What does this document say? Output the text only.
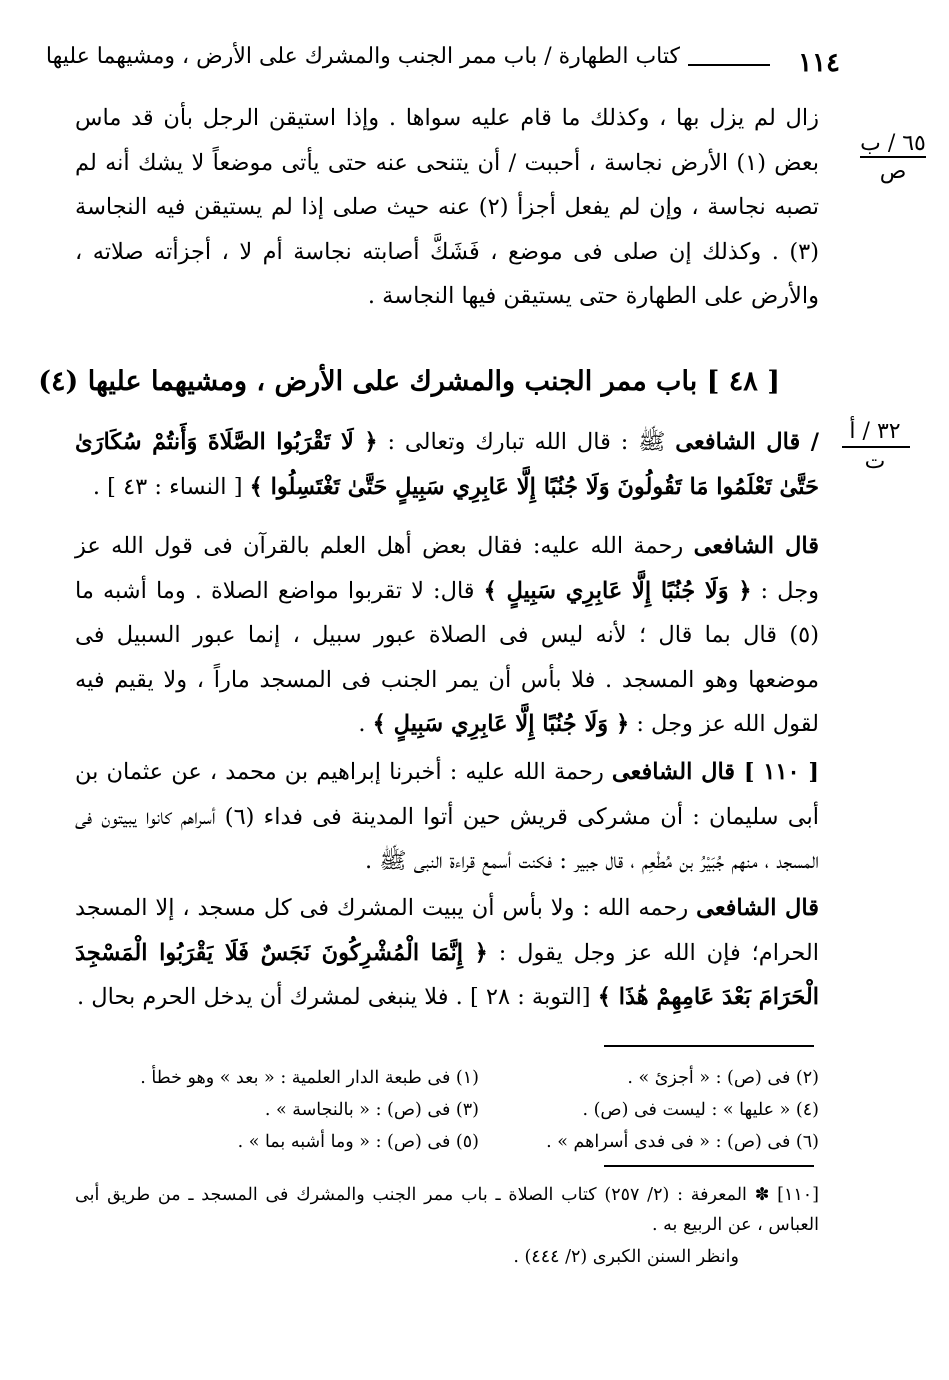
١١٤
كتاب الطهارة / باب ممر الجنب والمشرك على الأرض ، ومشيهما عليها
٦٥ / ب
ص
٣٢ / أ
ت
زال لم يزل بها ، وكذلك ما قام عليه سواها . وإذا استيقن الرجل بأن قد ماس بعض (١) الأرض نجاسة ، أحببت / أن يتنحى عنه حتى يأتى موضعاً لا يشك أنه لم تصبه نجاسة ، وإن لم يفعل أجزأ (٢) عنه حيث صلى إذا لم يستيقن فيه النجاسة (٣) . وكذلك إن صلى فى موضع ، فَشَكَّ أصابته نجاسة أم لا ، أجزأته صلاته ، والأرض على الطهارة حتى يستيقن فيها النجاسة .
[ ٤٨ ] باب ممر الجنب والمشرك على الأرض ، ومشيهما عليها (٤)
/ قال الشافعى ﷺ : قال الله تبارك وتعالى : ﴿ لَا تَقْرَبُوا الصَّلَاةَ وَأَنتُمْ سُكَارَىٰ حَتَّىٰ تَعْلَمُوا مَا تَقُولُونَ وَلَا جُنُبًا إِلَّا عَابِرِي سَبِيلٍ حَتَّىٰ تَغْتَسِلُوا ﴾ [ النساء : ٤٣ ] .
قال الشافعى رحمة الله عليه: فقال بعض أهل العلم بالقرآن فى قول الله عز وجل : ﴿ وَلَا جُنُبًا إِلَّا عَابِرِي سَبِيلٍ ﴾ قال: لا تقربوا مواضع الصلاة . وما أشبه ما (٥) قال بما قال ؛ لأنه ليس فى الصلاة عبور سبيل ، إنما عبور السبيل فى موضعها وهو المسجد . فلا بأس أن يمر الجنب فى المسجد ماراً ، ولا يقيم فيه لقول الله عز وجل : ﴿ وَلَا جُنُبًا إِلَّا عَابِرِي سَبِيلٍ ﴾ .
[ ١١٠ ] قال الشافعى رحمة الله عليه : أخبرنا إبراهيم بن محمد ، عن عثمان بن أبى سليمان : أن مشركى قريش حين أتوا المدينة فى فداء (٦) أسراهم كانوا يبيتون فى المسجد ، منهم جُبَيْرُ بن مُطْعِم ، قال جبير : فكنت أسمع قراءة النبى ﷺ .
قال الشافعى رحمه الله : ولا بأس أن يبيت المشرك فى كل مسجد ، إلا المسجد الحرام؛ فإن الله عز وجل يقول : ﴿ إِنَّمَا الْمُشْرِكُونَ نَجَسٌ فَلَا يَقْرَبُوا الْمَسْجِدَ الْحَرَامَ بَعْدَ عَامِهِمْ هَٰذَا ﴾ [التوبة : ٢٨ ] . فلا ينبغى لمشرك أن يدخل الحرم بحال .
(١) فى طبعة الدار العلمية : « بعد » وهو خطأ .	(٢) فى (ص) : « أجزئ » .
(٣) فى (ص) : « بالنجاسة » .	(٤) « عليها » : ليست فى (ص) .
(٥) فى (ص) : « وما أشبه بما » .	(٦) فى (ص) : « فى فدى أسراهم » .
[١١٠] ✽ المعرفة : (٢/ ٢٥٧) كتاب الصلاة ـ باب ممر الجنب والمشرك فى المسجد ـ من طريق أبى العباس ، عن الربيع به .
وانظر السنن الكبرى (٢/ ٤٤٤) .
